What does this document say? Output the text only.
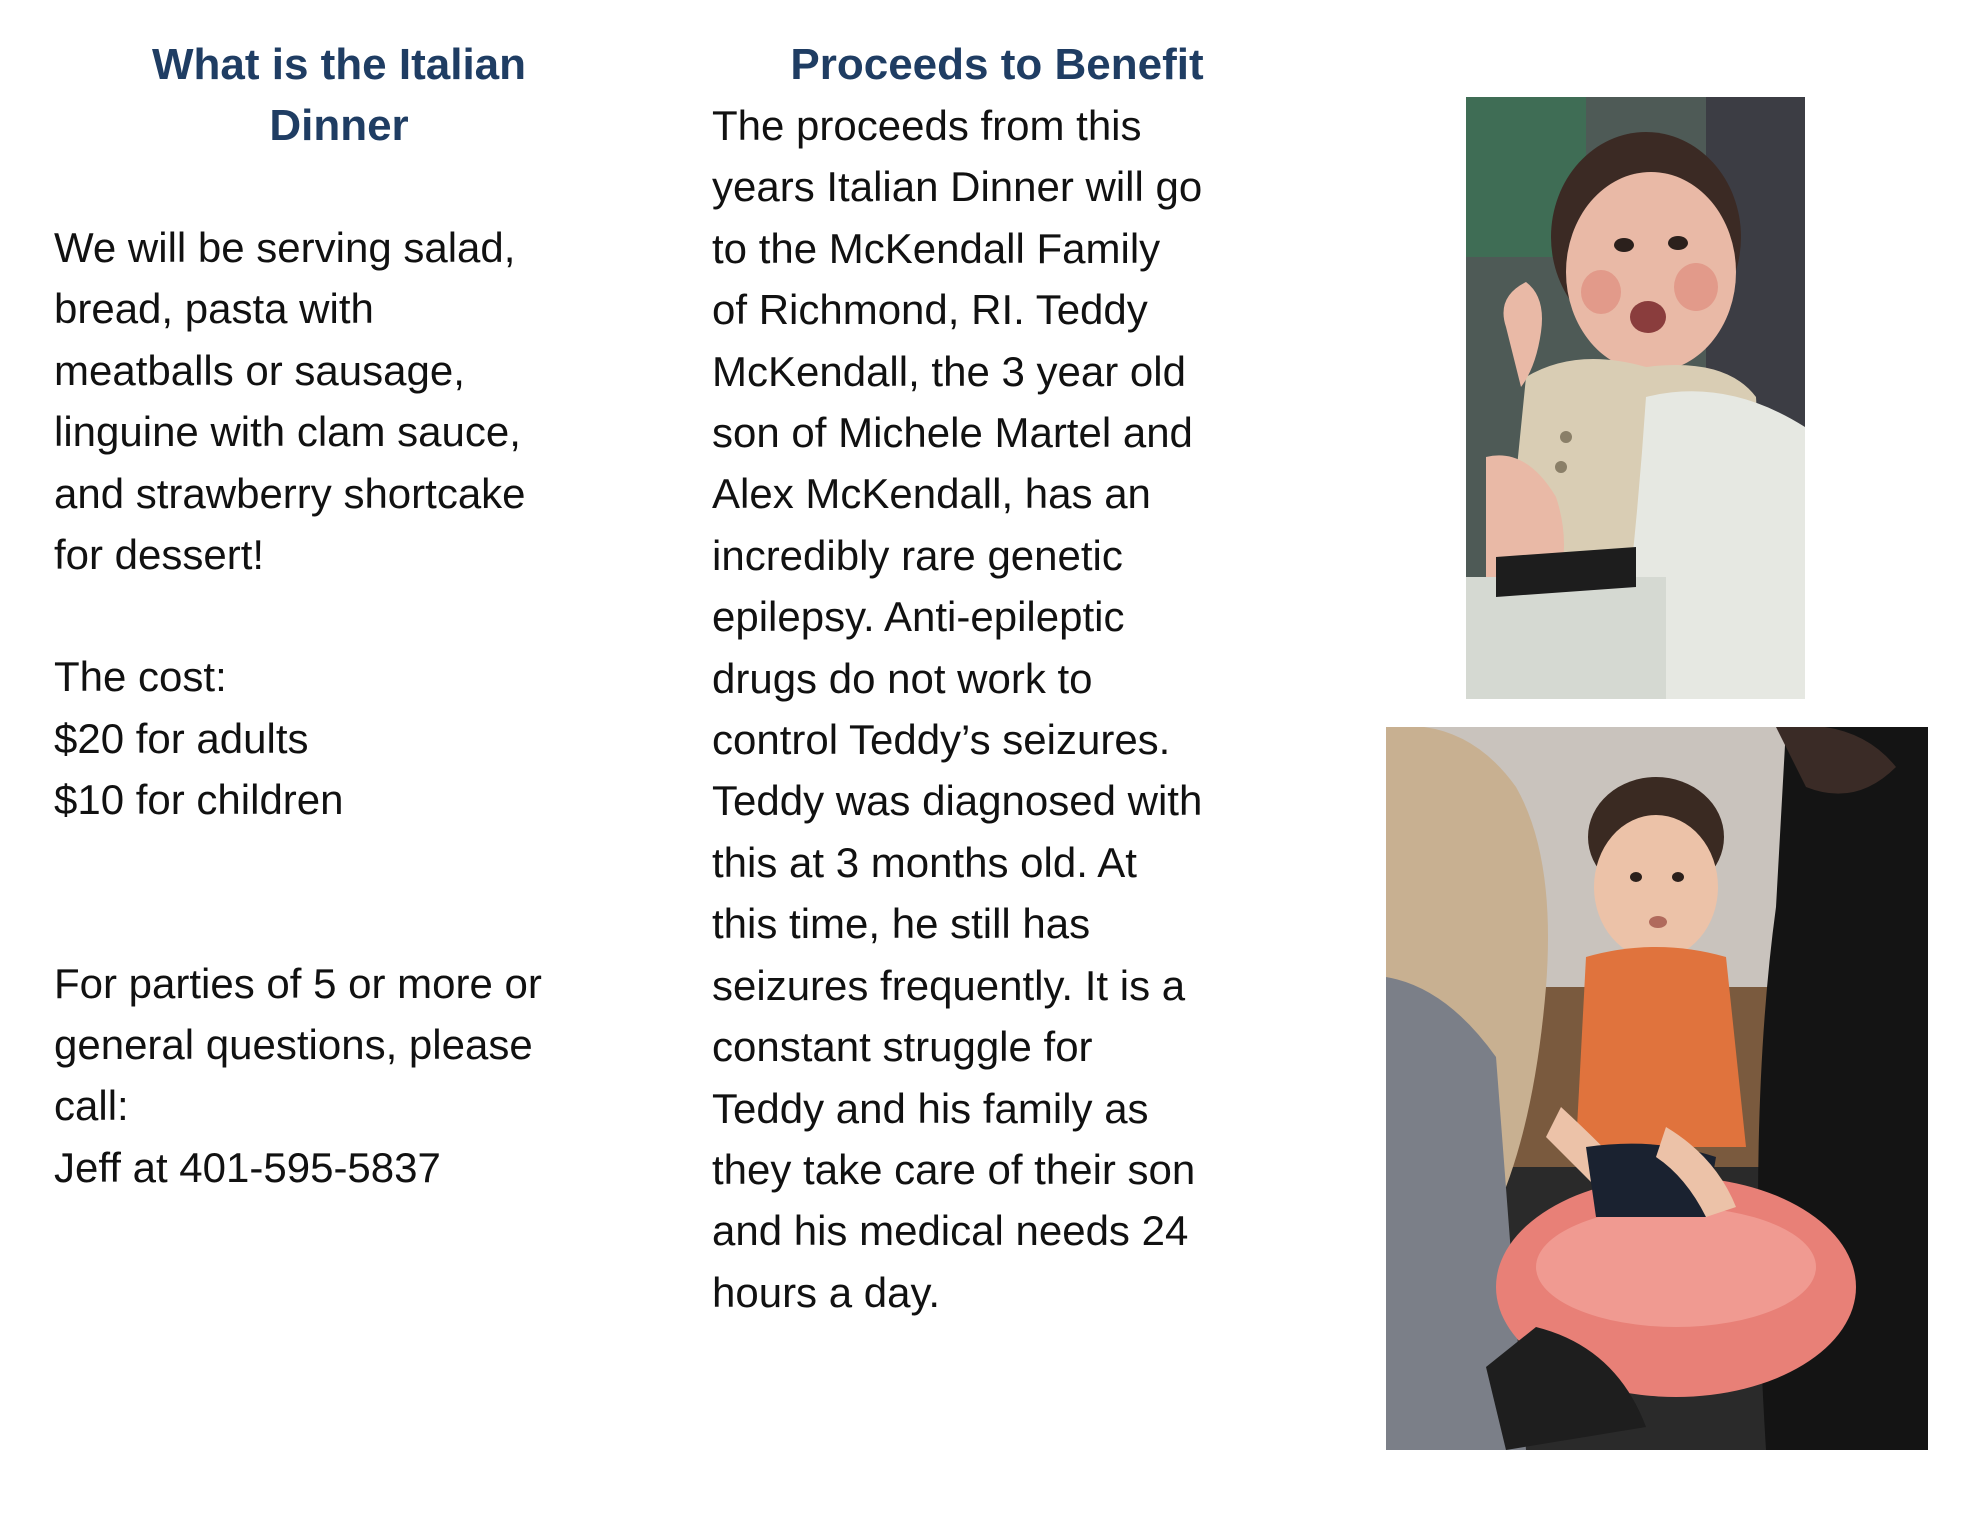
What is the Italian
Dinner

We will be serving salad,
bread, pasta with
meatballs or sausage,
linguine with clam sauce,
and strawberry shortcake
for dessert!

The cost:
$20 for adults
$10 for children

For parties of 5 or more or
general questions, please
call:
Jeff at 401-595-5837

Proceeds to Benefit

The proceeds from this
years Italian Dinner will go
to the McKendall Family
of Richmond, RI. Teddy
McKendall, the 3 year old
son of Michele Martel and
Alex McKendall, has an
incredibly rare genetic
epilepsy. Anti-epileptic
drugs do not work to
control Teddy’s seizures.
Teddy was diagnosed with
this at 3 months old. At
this time, he still has
seizures frequently. It is a
constant struggle for
Teddy and his family as
they take care of their son
and his medical needs 24
hours a day.
